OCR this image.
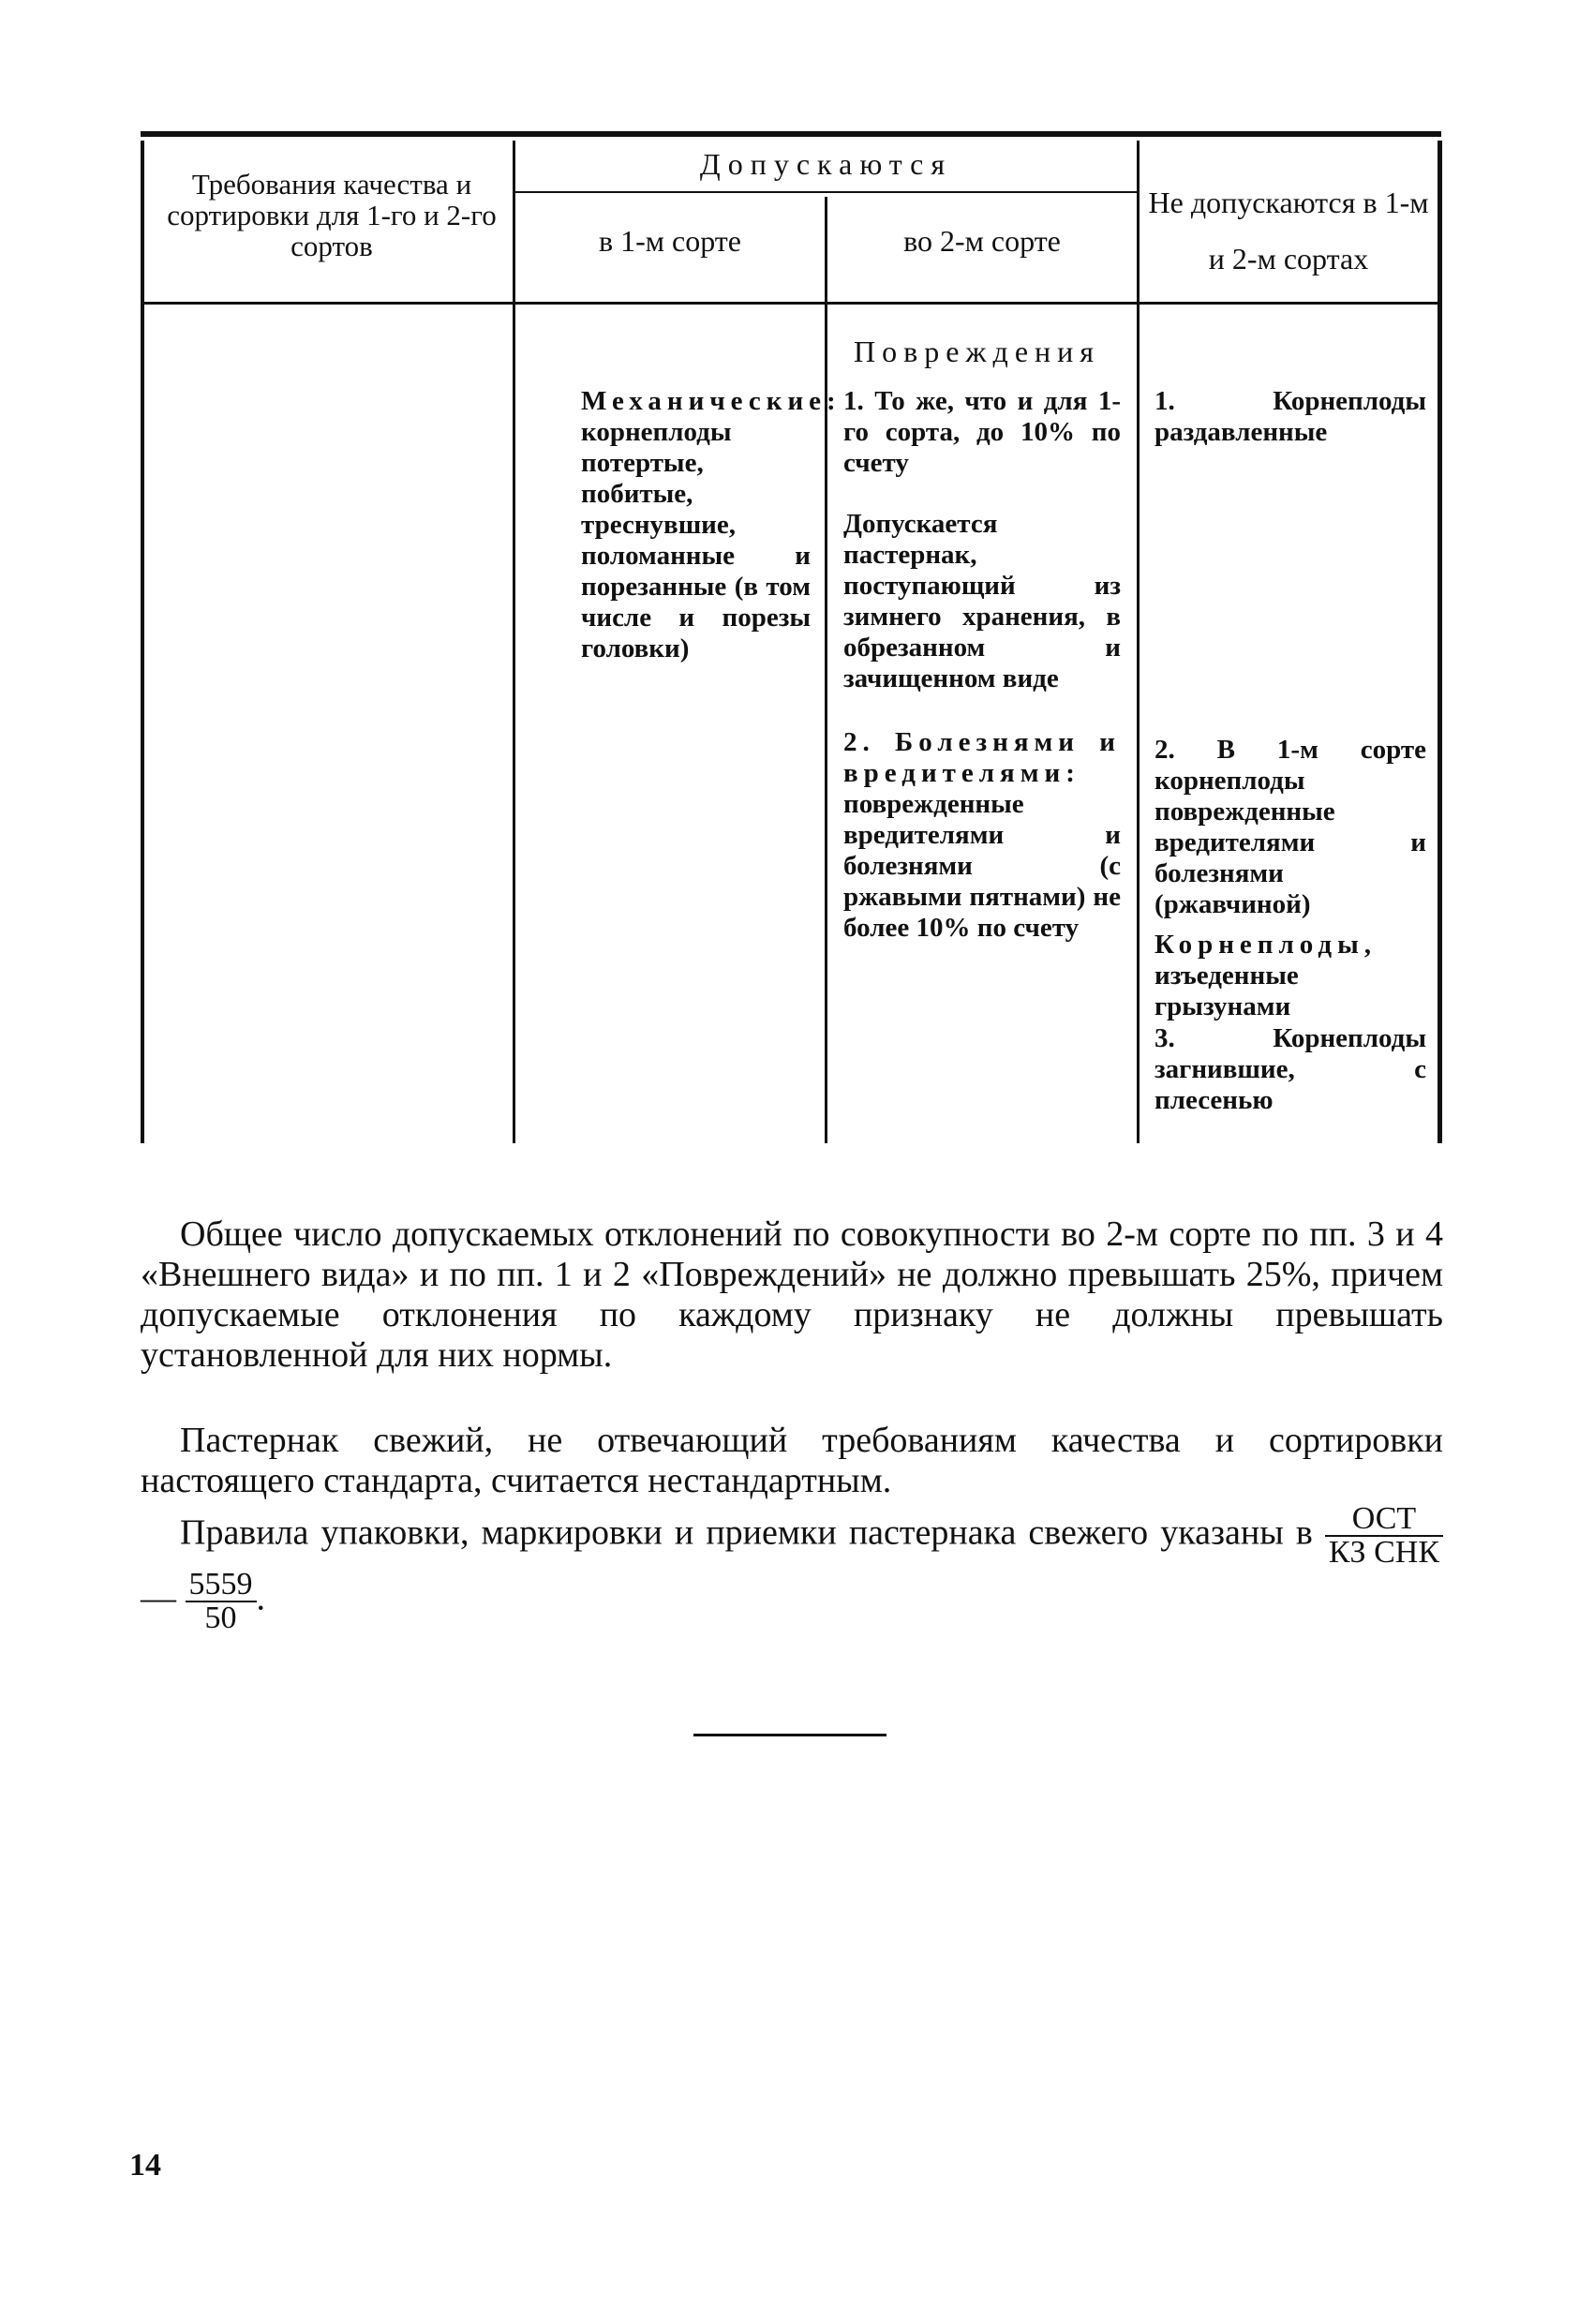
Требования качества и сортировки для 1-го и 2-го сортов
Допускаются
в 1-м сорте	во 2-м сорте
Не допускаются в 1-м и 2-м сортах
Повреждения
Механические: корнеплоды потертые, побитые, треснувшие, поломанные и порезанные (в том числе и порезы головки)
1. То же, что и для 1-го сорта, до 10% по счету
Допускается пастернак, поступающий из зимнего хранения, в обрезанном и зачищенном виде
2. Болезнями и вредителями: поврежденные вредителями и болезнями (с ржавыми пятнами) не более 10% по счету
1. Корнеплоды раздавленные
2. В 1-м сорте корнеплоды поврежденные вредителями и болезнями (ржавчиной)
Корнеплоды, изъеденные грызунами
3. Корнеплоды загнившие, с плесенью

Общее число допускаемых отклонений по совокупности во 2-м сорте по пп. 3 и 4 «Внешнего вида» и по пп. 1 и 2 «Повреждений» не должно превышать 25%, причем допускаемые отклонения по каждому признаку не должны превышать установленной для них нормы.

Пастернак свежий, не отвечающий требованиям качества и сортировки настоящего стандарта, считается нестандартным.

Правила упаковки, маркировки и приемки пастернака свежего указаны в $\frac{\text{ОСТ}}{\text{КЗ СНК}}$
— $\frac{5559}{50}$ .

14
